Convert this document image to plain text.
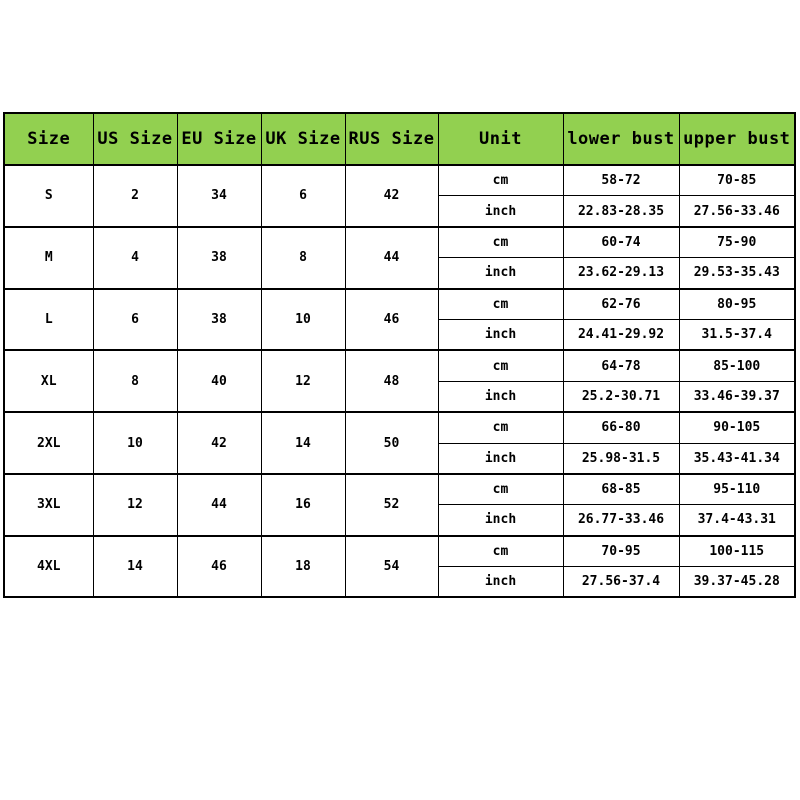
Size	US Size	EU Size	UK Size	RUS Size	Unit	lower bust	upper bust
S	2	34	6	42	cm	58-72	70-85
					inch	22.83-28.35	27.56-33.46
M	4	38	8	44	cm	60-74	75-90
					inch	23.62-29.13	29.53-35.43
L	6	38	10	46	cm	62-76	80-95
					inch	24.41-29.92	31.5-37.4
XL	8	40	12	48	cm	64-78	85-100
					inch	25.2-30.71	33.46-39.37
2XL	10	42	14	50	cm	66-80	90-105
					inch	25.98-31.5	35.43-41.34
3XL	12	44	16	52	cm	68-85	95-110
					inch	26.77-33.46	37.4-43.31
4XL	14	46	18	54	cm	70-95	100-115
					inch	27.56-37.4	39.37-45.28
